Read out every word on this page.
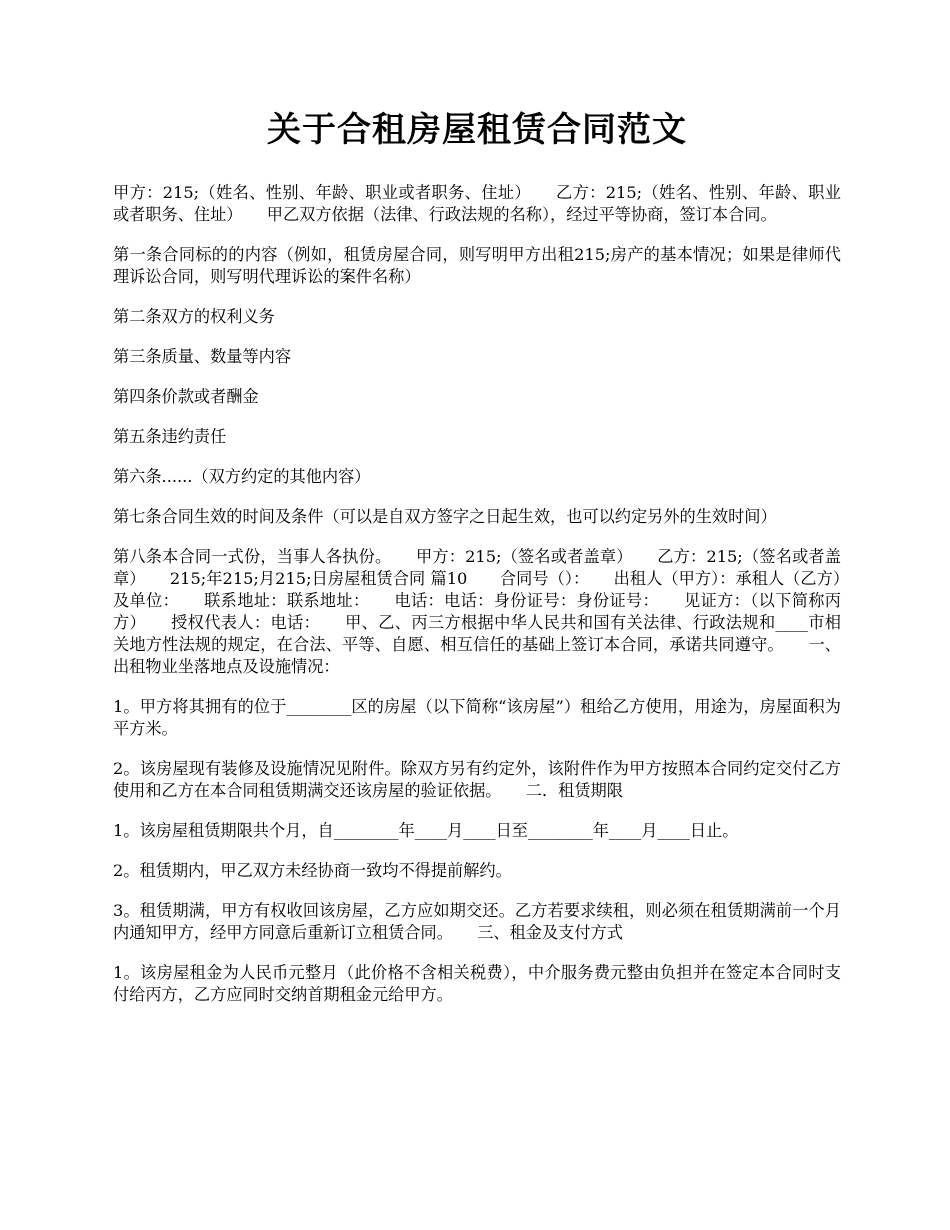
关于合租房屋租赁合同范文

甲方：215;（姓名、性别、年龄、职业或者职务、住址）　　乙方：215;（姓名、性别、年龄、职业或者职务、住址）　　甲乙双方依据（法律、行政法规的名称），经过平等协商，签订本合同。

第一条合同标的的内容（例如，租赁房屋合同，则写明甲方出租215;房产的基本情况；如果是律师代理诉讼合同，则写明代理诉讼的案件名称）

第二条双方的权利义务

第三条质量、数量等内容

第四条价款或者酬金

第五条违约责任

第六条......（双方约定的其他内容）

第七条合同生效的时间及条件（可以是自双方签字之日起生效，也可以约定另外的生效时间）

第八条本合同一式份，当事人各执份。　　甲方：215;（签名或者盖章）　　乙方：215;（签名或者盖章）　　215;年215;月215;日房屋租赁合同 篇10　　合同号（）：　　出租人（甲方）：承租人（乙方）及单位：　　联系地址：联系地址：　　电话：电话：身份证号：身份证号：　　见证方：（以下简称丙方）　　授权代表人：电话：　　甲、乙、丙三方根据中华人民共和国有关法律、行政法规和____市相关地方性法规的规定，在合法、平等、自愿、相互信任的基础上签订本合同，承诺共同遵守。　　一、出租物业坐落地点及设施情况：

1。甲方将其拥有的位于________区的房屋（以下简称“该房屋”）租给乙方使用，用途为，房屋面积为平方米。

2。该房屋现有装修及设施情况见附件。除双方另有约定外，该附件作为甲方按照本合同约定交付乙方使用和乙方在本合同租赁期满交还该房屋的验证依据。　　二．租赁期限

1。该房屋租赁期限共个月，自________年____月____日至________年____月____日止。

2。租赁期内，甲乙双方未经协商一致均不得提前解约。

3。租赁期满，甲方有权收回该房屋，乙方应如期交还。乙方若要求续租，则必须在租赁期满前一个月内通知甲方，经甲方同意后重新订立租赁合同。　　三、租金及支付方式

1。该房屋租金为人民币元整月（此价格不含相关税费），中介服务费元整由负担并在签定本合同时支付给丙方，乙方应同时交纳首期租金元给甲方。
